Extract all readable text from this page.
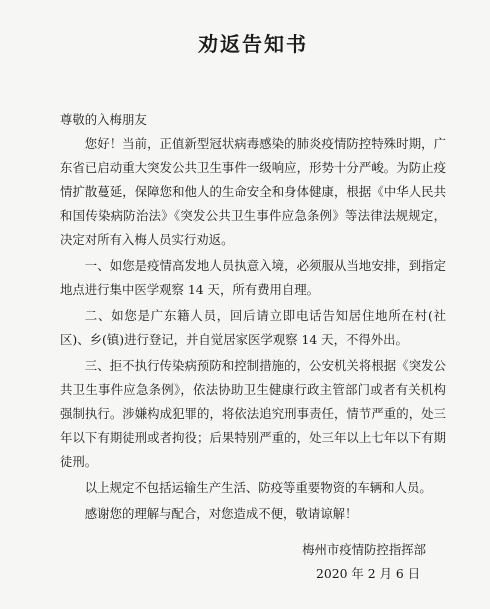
劝返告知书

尊敬的入梅朋友

您好！当前，正值新型冠状病毒感染的肺炎疫情防控特殊时期，广东省已启动重大突发公共卫生事件一级响应，形势十分严峻。为防止疫情扩散蔓延，保障您和他人的生命安全和身体健康，根据《中华人民共和国传染病防治法》《突发公共卫生事件应急条例》等法律法规规定，决定对所有入梅人员实行劝返。

一、如您是疫情高发地人员执意入境，必须服从当地安排，到指定地点进行集中医学观察 14 天，所有费用自理。

二、如您是广东籍人员，回后请立即电话告知居住地所在村(社区)、乡(镇)进行登记，并自觉居家医学观察 14 天，不得外出。

三、拒不执行传染病预防和控制措施的，公安机关将根据《突发公共卫生事件应急条例》，依法协助卫生健康行政主管部门或者有关机构强制执行。涉嫌构成犯罪的，将依法追究刑事责任，情节严重的，处三年以下有期徒刑或者拘役；后果特别严重的，处三年以上七年以下有期徒刑。

以上规定不包括运输生产生活、防疫等重要物资的车辆和人员。

感谢您的理解与配合，对您造成不便，敬请谅解！

梅州市疫情防控指挥部
2020 年 2 月 6 日
